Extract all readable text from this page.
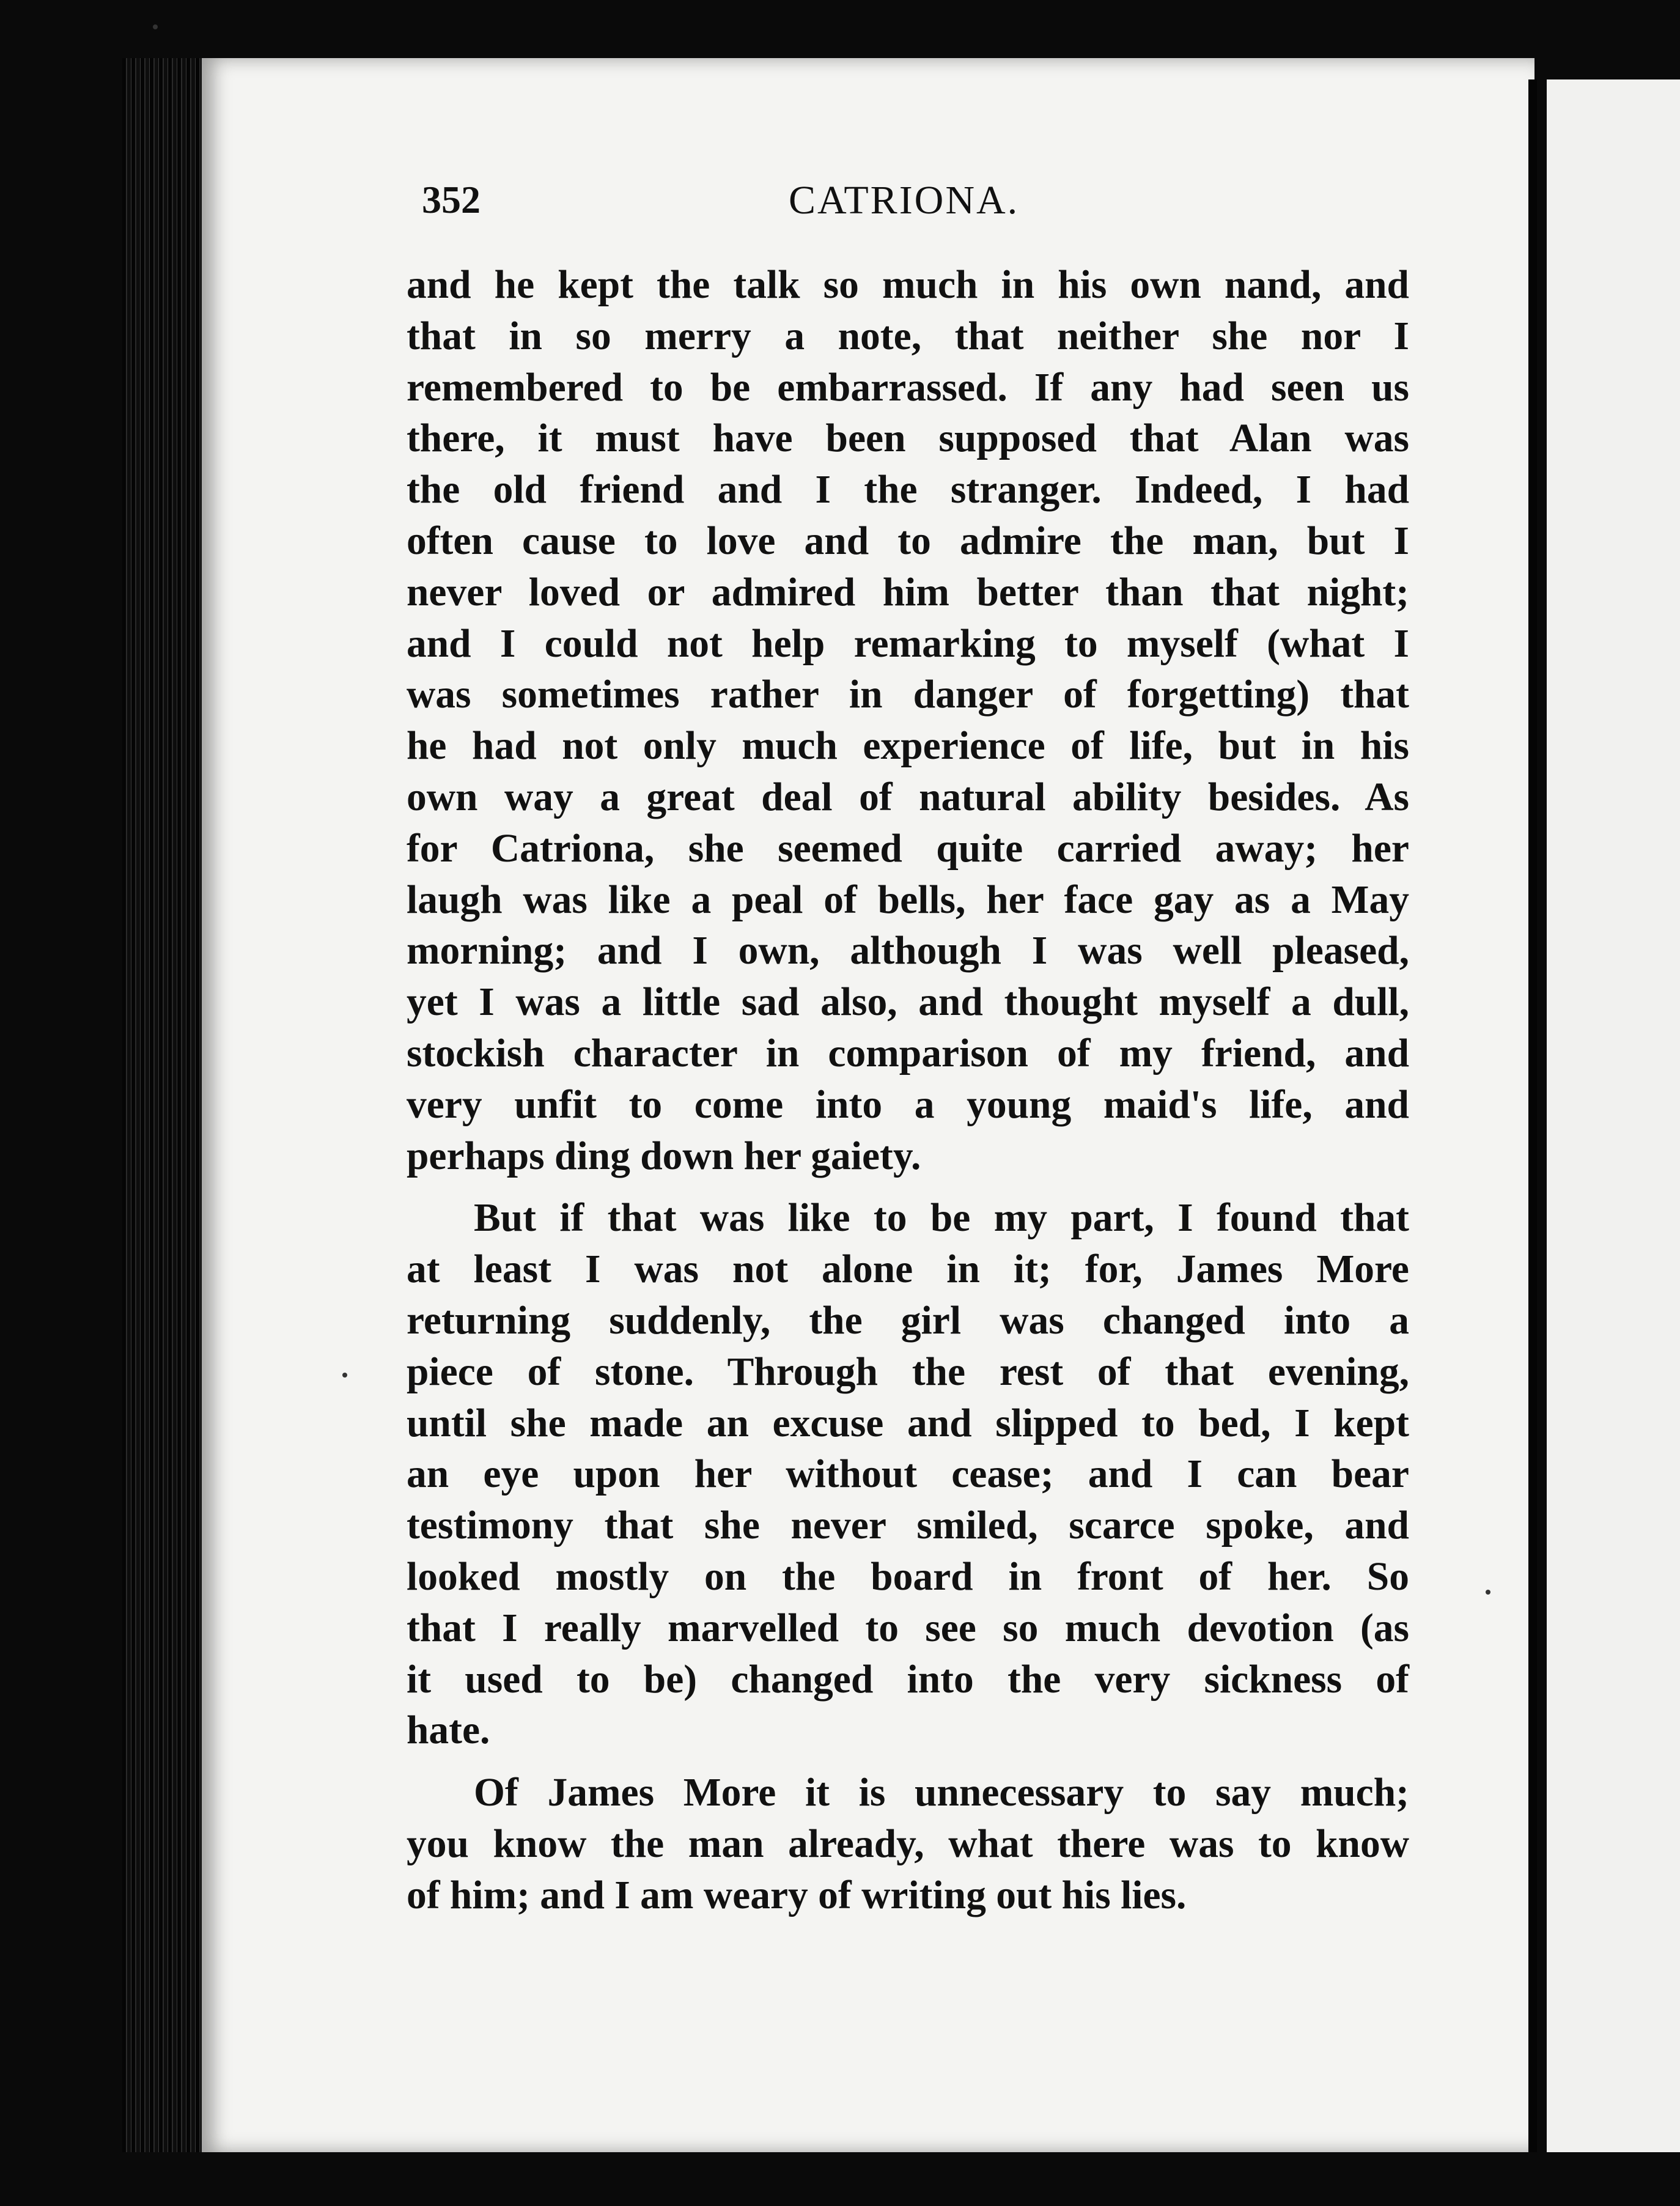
352	CATRIONA.
and he kept the talk so much in his own nand, and
that in so merry a note, that neither she nor I
remembered to be embarrassed. If any had seen us
there, it must have been supposed that Alan was
the old friend and I the stranger. Indeed, I had
often cause to love and to admire the man, but I
never loved or admired him better than that night;
and I could not help remarking to myself (what I
was sometimes rather in danger of forgetting) that
he had not only much experience of life, but in his
own way a great deal of natural ability besides. As
for Catriona, she seemed quite carried away; her
laugh was like a peal of bells, her face gay as a May
morning; and I own, although I was well pleased,
yet I was a little sad also, and thought myself a dull,
stockish character in comparison of my friend, and
very unfit to come into a young maid's life, and
perhaps ding down her gaiety.
But if that was like to be my part, I found that
at least I was not alone in it; for, James More
returning suddenly, the girl was changed into a
piece of stone. Through the rest of that evening,
until she made an excuse and slipped to bed, I kept
an eye upon her without cease; and I can bear
testimony that she never smiled, scarce spoke, and
looked mostly on the board in front of her. So
that I really marvelled to see so much devotion (as
it used to be) changed into the very sickness of
hate.
Of James More it is unnecessary to say much;
you know the man already, what there was to know
of him; and I am weary of writing out his lies.
